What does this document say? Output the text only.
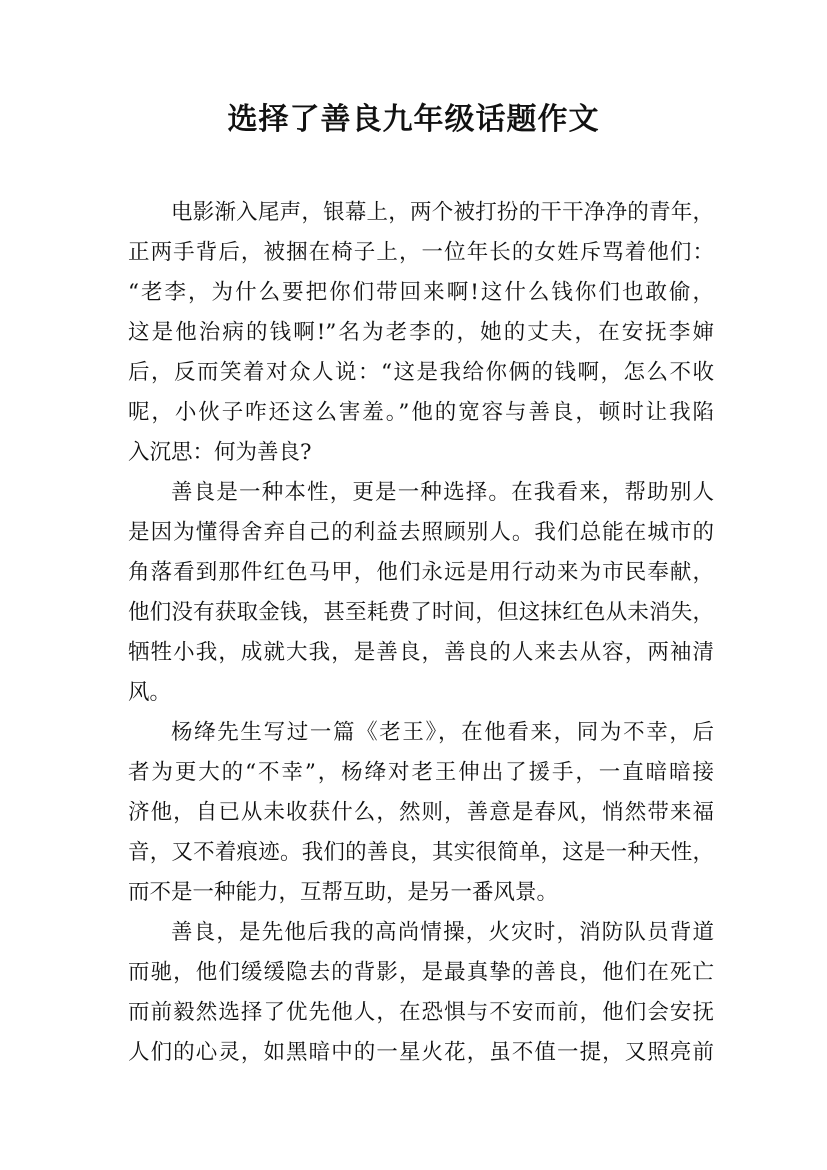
选择了善良九年级话题作文

电影渐入尾声，银幕上，两个被打扮的干干净净的青年，

正两手背后，被捆在椅子上，一位年长的女姓斥骂着他们：

“老李，为什么要把你们带回来啊!这什么钱你们也敢偷，

这是他治病的钱啊!”名为老李的，她的丈夫，在安抚李婶

后，反而笑着对众人说：“这是我给你俩的钱啊，怎么不收

呢，小伙子咋还这么害羞。”他的宽容与善良，顿时让我陷

入沉思：何为善良?

善良是一种本性，更是一种选择。在我看来，帮助别人

是因为懂得舍弃自己的利益去照顾别人。我们总能在城市的

角落看到那件红色马甲，他们永远是用行动来为市民奉献，

他们没有获取金钱，甚至耗费了时间，但这抹红色从未消失，

牺牲小我，成就大我，是善良，善良的人来去从容，两袖清

风。

杨绛先生写过一篇《老王》，在他看来，同为不幸，后

者为更大的“不幸”，杨绛对老王伸出了援手，一直暗暗接

济他，自已从未收获什么，然则，善意是春风，悄然带来福

音，又不着痕迹。我们的善良，其实很简单，这是一种天性，

而不是一种能力，互帮互助，是另一番风景。

善良，是先他后我的高尚情操，火灾时，消防队员背道

而驰，他们缓缓隐去的背影，是最真挚的善良，他们在死亡

而前毅然选择了优先他人，在恐惧与不安而前，他们会安抚

人们的心灵，如黑暗中的一星火花，虽不值一提，又照亮前
